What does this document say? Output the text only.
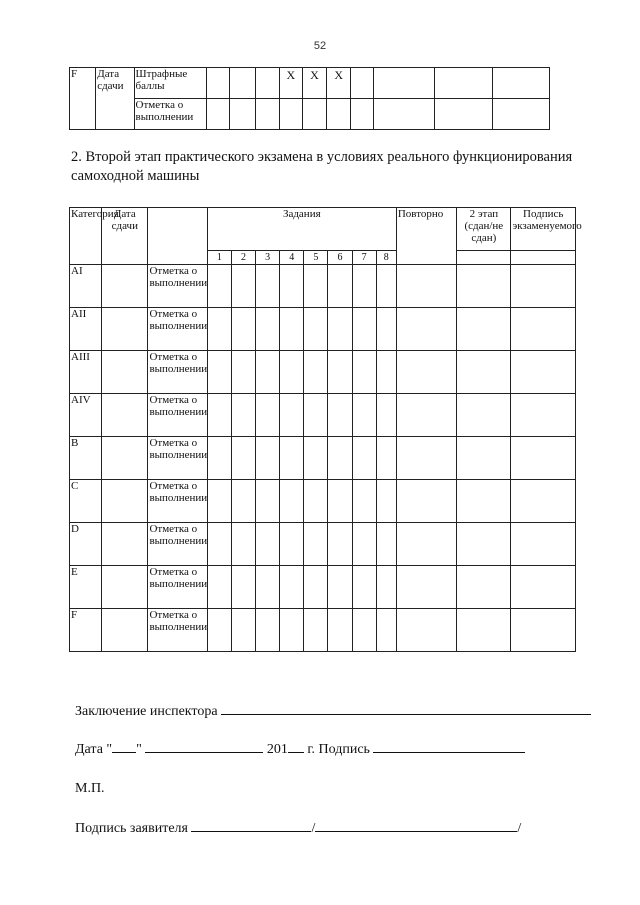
52
F	Дата сдачи	Штрафные баллы				X	X	X				
		Отметка о выполнении										
2. Второй этап практического экзамена в условиях реального функционирования самоходной машины
Категория	Дата сдачи		Задания								Повторно	2 этап (сдан/не сдан)	Подпись экзаменуемого
			1	2	3	4	5	6	7	8			
AI		Отметка о выполнении											
AII		Отметка о выполнении											
AIII		Отметка о выполнении											
AIV		Отметка о выполнении											
B		Отметка о выполнении											
C		Отметка о выполнении											
D		Отметка о выполнении											
E		Отметка о выполнении											
F		Отметка о выполнении											
Заключение инспектора
Дата " "	201 г. Подпись
М.П.
Подпись заявителя	/	/
